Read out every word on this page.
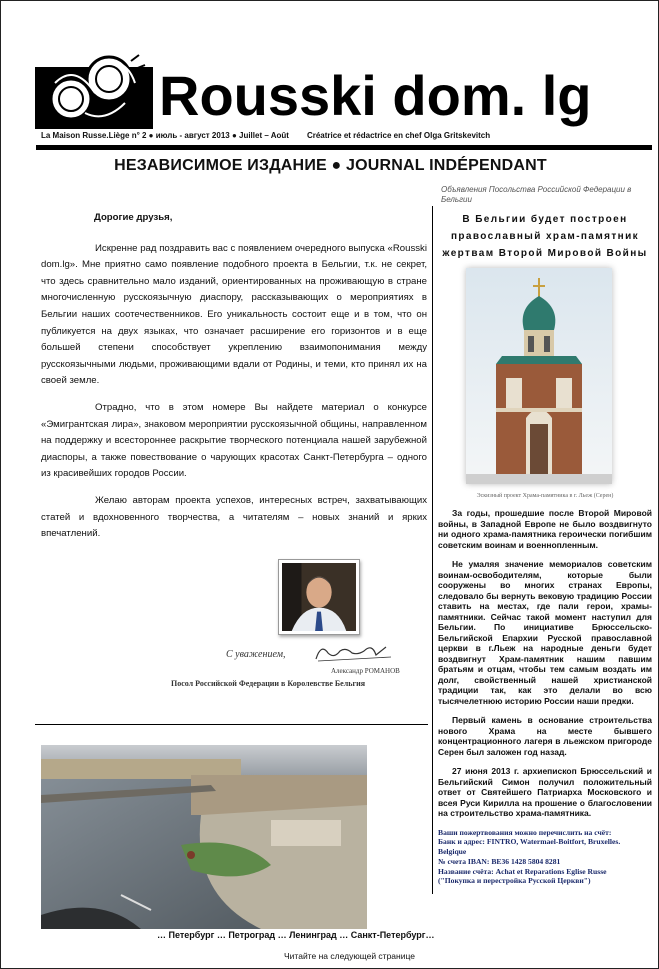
Rousski dom. lg
La Maison Russe.Liège n° 2 ● июль - август 2013 ● Juillet – Août Créatrice et rédactrice en chef Olga Gritskevitch
НЕЗАВИСИМОЕ ИЗДАНИЕ ● JOURNAL INDÉPENDANT

Дорогие друзья,

Искренне рад поздравить вас с появлением очередного выпуска «Rousski dom.lg». Мне приятно само появление подобного проекта в Бельгии, т.к. не секрет, что здесь сравнительно мало изданий, ориентированных на проживающую в стране многочисленную русскоязычную диаспору, рассказывающих о мероприятиях в Бельгии наших соотечественников. Его уникальность состоит еще и в том, что он публикуется на двух языках, что означает расширение его горизонтов и в еще большей степени способствует укреплению взаимопонимания между русскоязычными людьми, проживающими вдали от Родины, и теми, кто принял их на своей земле.

Отрадно, что в этом номере Вы найдете материал о конкурсе «Эмигрантская лира», знаковом мероприятии русскоязычной общины, направленном на поддержку и всестороннее раскрытие творческого потенциала нашей зарубежной диаспоры, а также повествование о чарующих красотах Санкт-Петербурга – одного из красивейших городов России.

Желаю авторам проекта успехов, интересных встреч, захватывающих статей и вдохновенного творчества, а читателям – новых знаний и ярких впечатлений.

С уважением,
Александр РОМАНОВ
Посол Российской Федерации в Королевстве Бельгия
… Петербург … Петроград … Ленинград … Санкт-Петербург…
Читайте на следующей странице
Объявления Посольства Российской Федерации в Бельгии
В Бельгии будет построен православный храм-памятник жертвам Второй Мировой Войны
Эскизный проект Храма-памятника в г. Льеж (Серен)

За годы, прошедшие после Второй Мировой войны, в Западной Европе не было воздвигнуто ни одного храма-памятника героически погибшим советским воинам и военнопленным.

Не умаляя значение мемориалов советским воинам-освободителям, которые были сооружены во многих странах Европы, следовало бы вернуть вековую традицию России ставить на местах, где пали герои, храмы-памятники. Сейчас такой момент наступил для Бельгии. По инициативе Брюссельско-Бельгийской Епархии Русской православной церкви в г.Льеж на народные деньги будет воздвигнут Храм-памятник нашим павшим братьям и отцам, чтобы тем самым воздать им долг, свойственный нашей христианской традиции так, как это делали во всю тысячелетнюю историю России наши предки.

Первый камень в основание строительства нового Храма на месте бывшего концентрационного лагеря в льежском пригороде Серен был заложен год назад.

27 июня 2013 г. архиепископ Брюссельский и Бельгийский Симон получил положительный ответ от Святейшего Патриарха Московского и всея Руси Кирилла на прошение о благословении на строительство храма-памятника.

Ваши пожертвования можно перечислить на счёт:
Банк и адрес: FINTRO, Watermael-Boitfort, Bruxelles.
Belgique
№ счета IBAN: BE36 1428 5804 8281
Название счёта: Achat et Reparations Eglise Russe
("Покупка и перестройка Русской Церкви")
